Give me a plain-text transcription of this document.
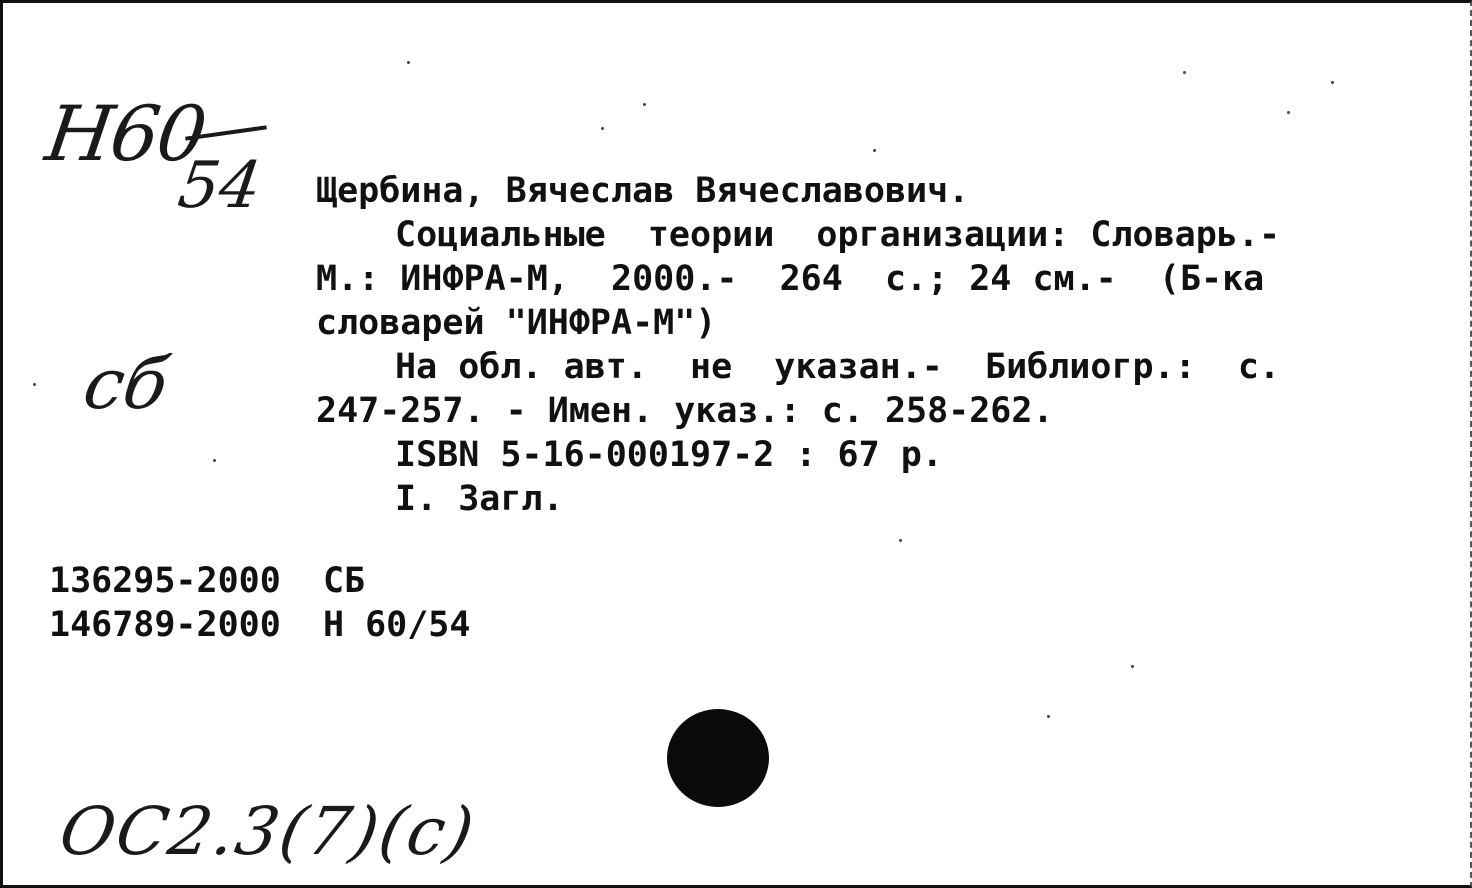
Н60
54
сб
Щербина, Вячеслав Вячеславович.
Социальные  теории  организации: Словарь.-
М.: ИНФРА-М,  2000.-  264  с.; 24 см.-  (Б-ка
словарей "ИНФРА-М")
На обл. авт.  не  указан.-  Библиогр.:  с.
247-257. - Имен. указ.: с. 258-262.
ISBN 5-16-000197-2 : 67 р.
I. Загл.
136295-2000 СБ
146789-2000 Н 60/54
ОС2.3(7)(с)
